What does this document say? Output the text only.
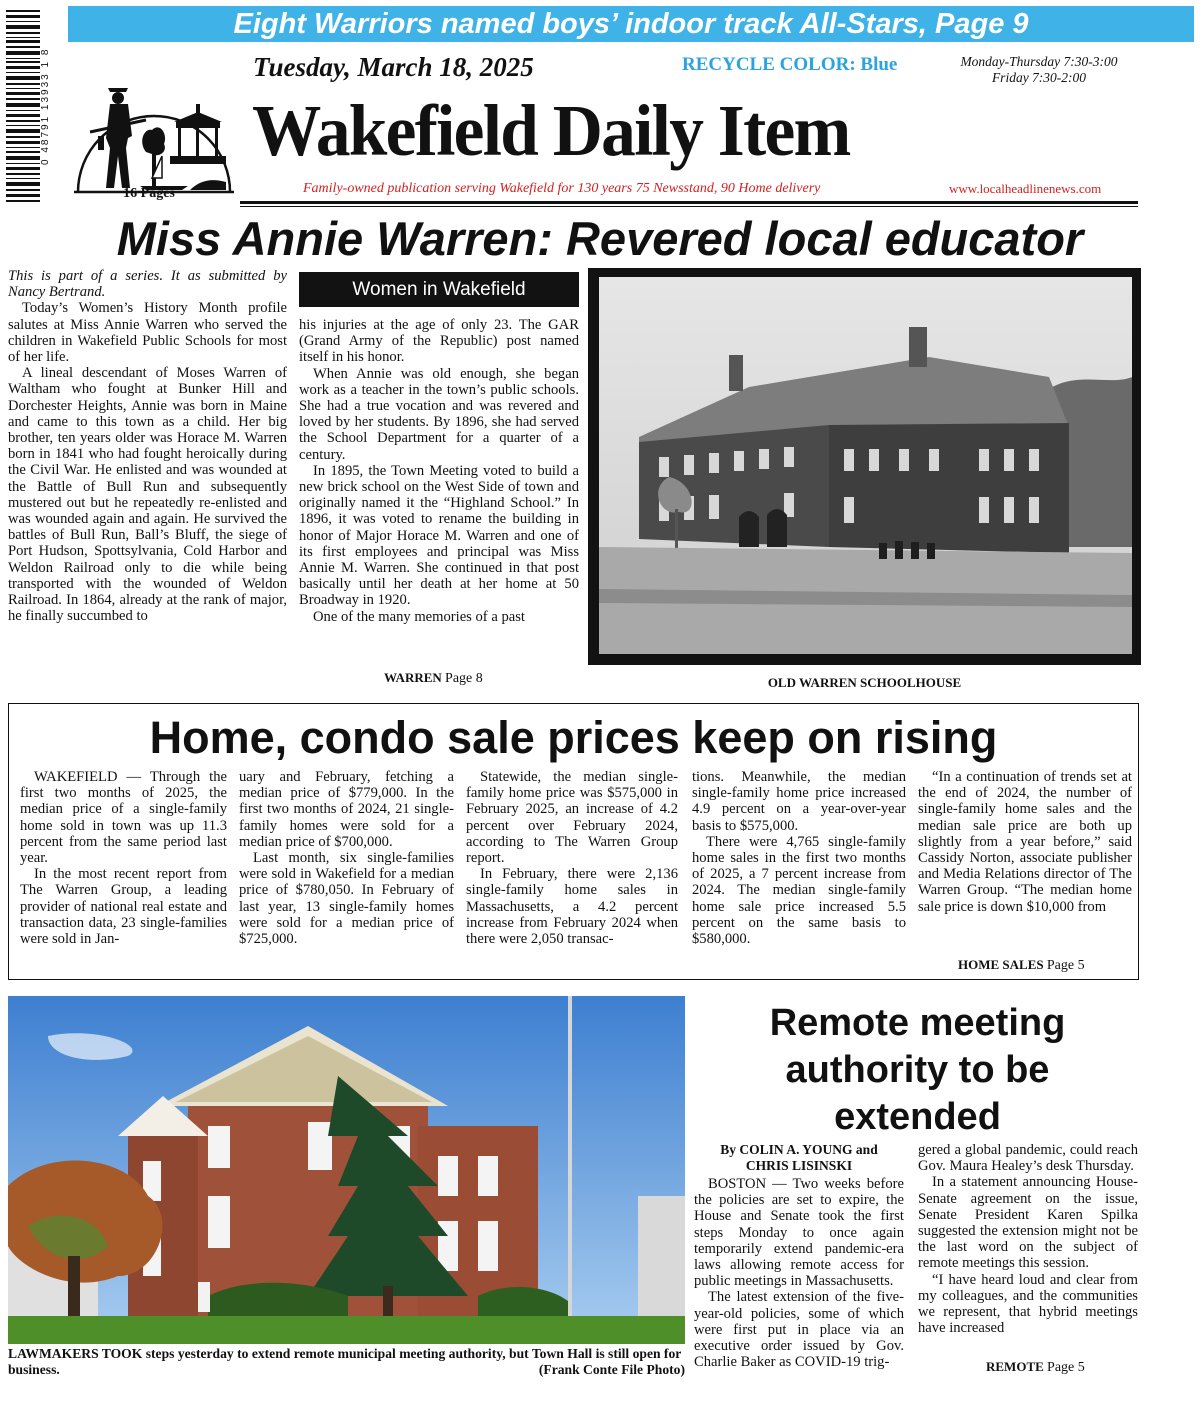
0 48791 13933 1 8
Eight Warriors named boys’ indoor track All-Stars, Page 9
16 Pages
Tuesday, March 18, 2025	RECYCLE COLOR: Blue	Monday-Thursday 7:30-3:00
Friday 7:30-2:00
Wakefield Daily Item
Family-owned publication serving Wakefield for 130 years 75 Newsstand, 90 Home delivery	www.localheadlinenews.com
Miss Annie Warren: Revered local educator

This is part of a series. It as submitted by Nancy Bertrand.

Today’s Women’s History Month profile salutes at Miss Annie Warren who served the children in Wakefield Public Schools for most of her life.

A lineal descendant of Moses Warren of Waltham who fought at Bunker Hill and Dorchester Heights, Annie was born in Maine and came to this town as a child. Her big brother, ten years older was Horace M. Warren born in 1841 who had fought heroically during the Civil War. He enlisted and was wounded at the Battle of Bull Run and subsequently mustered out but he repeatedly re-enlisted and was wounded again and again. He survived the battles of Bull Run, Ball’s Bluff, the siege of Port Hudson, Spottsylvania, Cold Harbor and Weldon Railroad only to die while being transported with the wounded of Weldon Railroad. In 1864, already at the rank of major, he finally succumbed to

Women in Wakefield

his injuries at the age of only 23. The GAR (Grand Army of the Republic) post named itself in his honor.

When Annie was old enough, she began work as a teacher in the town’s public schools. She had a true vocation and was revered and loved by her students. By 1896, she had served the School Department for a quarter of a century.

In 1895, the Town Meeting voted to build a new brick school on the West Side of town and originally named it the “Highland School.” In 1896, it was voted to rename the building in honor of Major Horace M. Warren and one of its first employees and principal was Miss Annie M. Warren. She continued in that post basically until her death at her home at 50 Broadway in 1920.

One of the many memories of a past

WARREN Page 8	OLD WARREN SCHOOLHOUSE
Home, condo sale prices keep on rising

WAKEFIELD — Through the first two months of 2025, the median price of a single-family home sold in town was up 11.3 percent from the same period last year.

In the most recent report from The Warren Group, a leading provider of national real estate and transaction data, 23 single-families were sold in Jan-

uary and February, fetching a median price of $779,000. In the first two months of 2024, 21 single-family homes were sold for a median price of $700,000.

Last month, six single-families were sold in Wakefield for a median price of $780,050. In February of last year, 13 single-family homes were sold for a median price of $725,000.

Statewide, the median single-family home price was $575,000 in February 2025, an increase of 4.2 percent over February 2024, according to The Warren Group report.

In February, there were 2,136 single-family home sales in Massachusetts, a 4.2 percent increase from February 2024 when there were 2,050 transac-

tions. Meanwhile, the median single-family home price increased 4.9 percent on a year-over-year basis to $575,000.

There were 4,765 single-family home sales in the first two months of 2025, a 7 percent increase from 2024. The median single-family home sale price increased 5.5 percent on the same basis to $580,000.

“In a continuation of trends set at the end of 2024, the number of single-family home sales and the median sale price are both up slightly from a year before,” said Cassidy Norton, associate publisher and Media Relations director of The Warren Group. “The median home sale price is down $10,000 from

HOME SALES Page 5
LAWMAKERS TOOK steps yesterday to extend remote municipal meeting authority, but Town Hall is still open for business.	(Frank Conte File Photo)
Remote meeting authority to be extended
By COLIN A. YOUNG and
CHRIS LISINSKI

BOSTON — Two weeks before the policies are set to expire, the House and Senate took the first steps Monday to once again temporarily extend pandemic-era laws allowing remote access for public meetings in Massachusetts.

The latest extension of the five-year-old policies, some of which were first put in place via an executive order issued by Gov. Charlie Baker as COVID-19 trig-

gered a global pandemic, could reach Gov. Maura Healey’s desk Thursday.

In a statement announcing House-Senate agreement on the issue, Senate President Karen Spilka suggested the extension might not be the last word on the subject of remote meetings this session.

“I have heard loud and clear from my colleagues, and the communities we represent, that hybrid meetings have increased

REMOTE Page 5
